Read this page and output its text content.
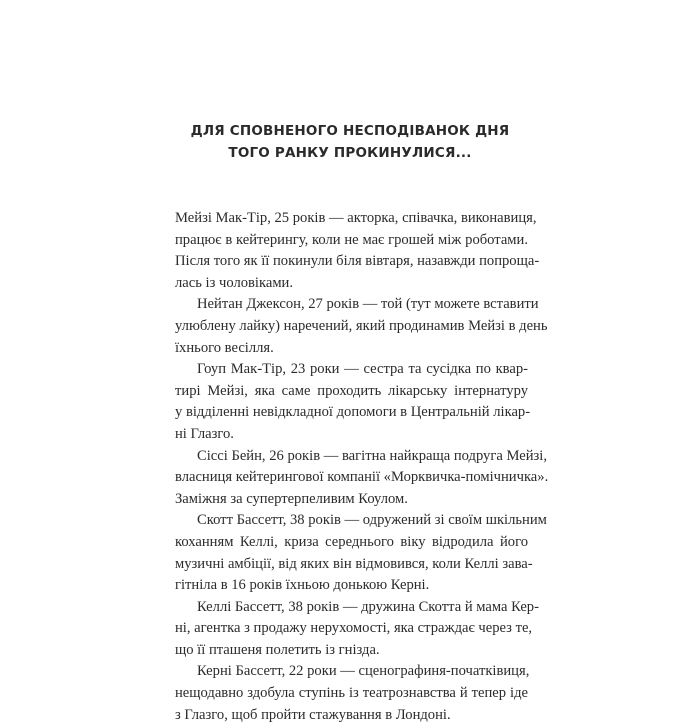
ДЛЯ СПОВНЕНОГО НЕСПОДІВАНОК ДНЯ
ТОГО РАНКУ ПРОКИНУЛИСЯ...
Мейзі Мак-Тір, 25 років — акторка, співачка, виконавиця,
працює в кейтерингу, коли не має грошей між роботами.
Після того як її покинули біля вівтаря, назавжди попроща-
лась із чоловіками.
Нейтан Джексон, 27 років — той (тут можете вставити
улюблену лайку) наречений, який продинамив Мейзі в день
їхнього весілля.
Гоуп Мак-Тір, 23 роки — сестра та сусідка по квар-
тирі Мейзі, яка саме проходить лікарську інтернатуру
у відділенні невідкладної допомоги в Центральній лікар-
ні Глазго.
Сіссі Бейн, 26 років — вагітна найкраща подруга Мейзі,
власниця кейтерингової компанії «Морквичка-помічничка».
Заміжня за супертерпеливим Коулом.
Скотт Бассетт, 38 років — одружений зі своїм шкільним
коханням Келлі, криза середнього віку відродила його
музичні амбіції, від яких він відмовився, коли Келлі зава-
гітніла в 16 років їхньою донькою Керні.
Келлі Бассетт, 38 років — дружина Скотта й мама Кер-
ні, агентка з продажу нерухомості, яка страждає через те,
що її пташеня полетить із гнізда.
Керні Бассетт, 22 роки — сценографиня-початківиця,
нещодавно здобула ступінь із театрознавства й тепер іде
з Глазго, щоб пройти стажування в Лондоні.
